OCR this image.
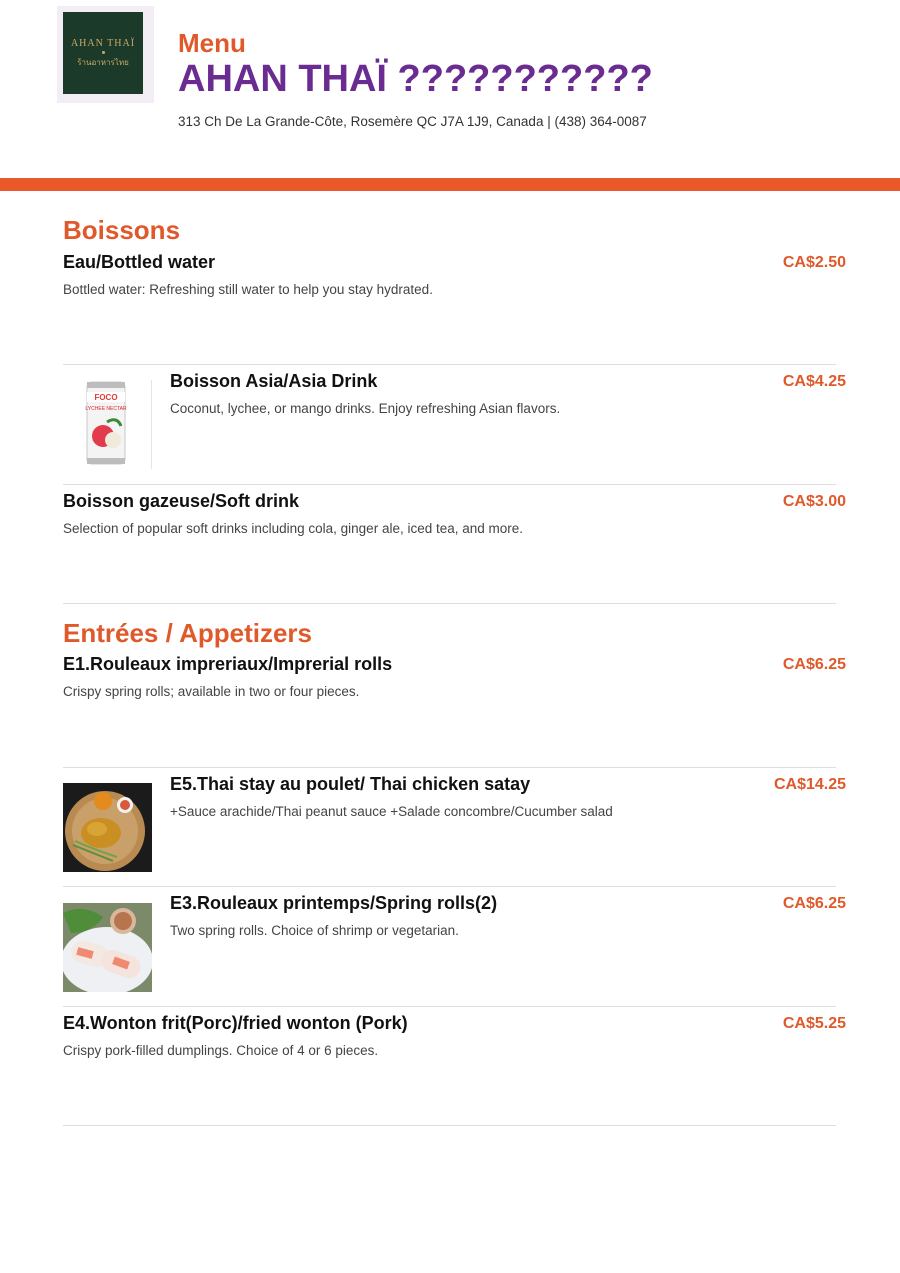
AHAN THAÏ
ร้านอาหารไทย
Menu
AHAN THAÏ ???????????
313 Ch De La Grande-Côte, Rosemère QC J7A 1J9, Canada | (438) 364-0087
Boissons
Eau/Bottled water	CA$2.50
Bottled water: Refreshing still water to help you stay hydrated.
FOCO
LYCHEE NECTAR
Boisson Asia/Asia Drink	CA$4.25
Coconut, lychee, or mango drinks. Enjoy refreshing Asian flavors.
Boisson gazeuse/Soft drink	CA$3.00
Selection of popular soft drinks including cola, ginger ale, iced tea, and more.
Entrées / Appetizers
E1.Rouleaux impreriaux/Imprerial rolls	CA$6.25
Crispy spring rolls; available in two or four pieces.
E5.Thai stay au poulet/ Thai chicken satay	CA$14.25
+Sauce arachide/Thai peanut sauce +Salade concombre/Cucumber salad
E3.Rouleaux printemps/Spring rolls(2)	CA$6.25
Two spring rolls. Choice of shrimp or vegetarian.
E4.Wonton frit(Porc)/fried wonton (Pork)	CA$5.25
Crispy pork-filled dumplings. Choice of 4 or 6 pieces.
